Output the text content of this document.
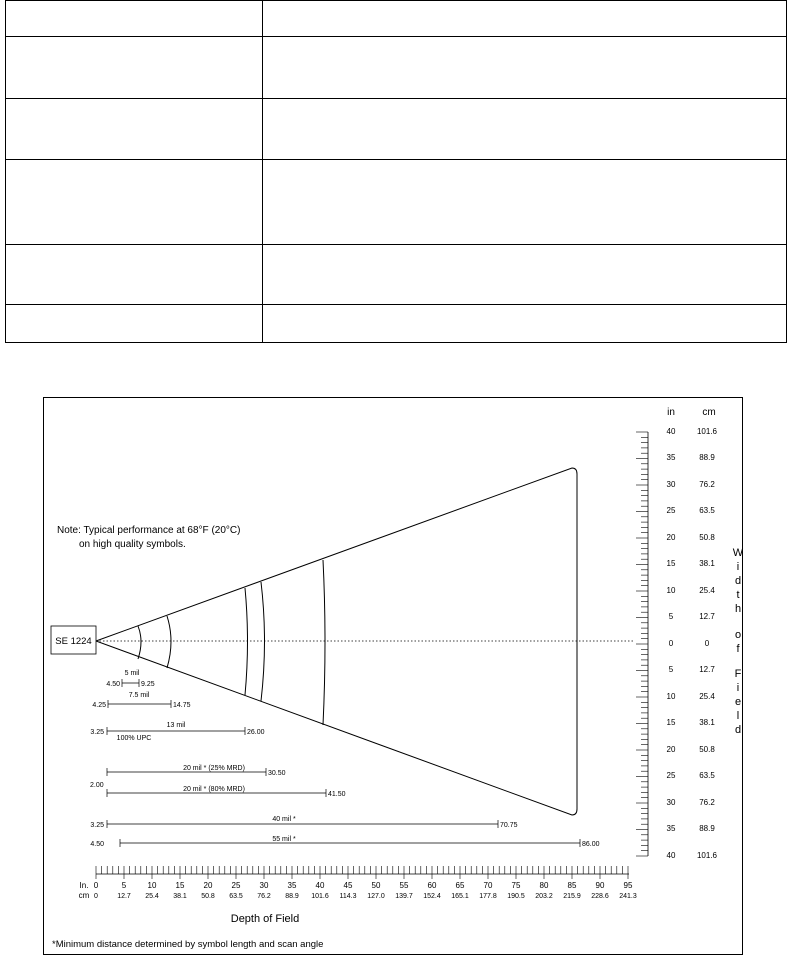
SE 1224
Note: Typical performance at 68°F (20°C)
on high quality symbols.
5 mil
4.50	9.25
7.5 mil
4.25	14.75
13 mil
3.25	26.00
100% UPC
20 mil * (25% MRD)
30.50
2.00
20 mil * (80% MRD)
41.50
40 mil *
3.25	70.75
55 mil *
4.50	86.00
in	cm
40	101.6
35	88.9
30	76.2
25	63.5
20	50.8
15	38.1
10	25.4
5	12.7
0	0
5	12.7
10	25.4
15	38.1
20	50.8
25	63.5
30	76.2
35	88.9
40	101.6
W
i
d
t
h
o
f
F
i
e
l
d
In.
cm
0	5	10 15 20 25 30 35 40 45 50 55 60 65 70 75 80 85 90 95
0	12.7 25.4 38.1 50.8 63.5 76.2 88.9 101.6 114.3 127.0 139.7 152.4 165.1 177.8 190.5 203.2 215.9 228.6 241.3
Depth of Field
*Minimum distance determined by symbol length and scan angle
